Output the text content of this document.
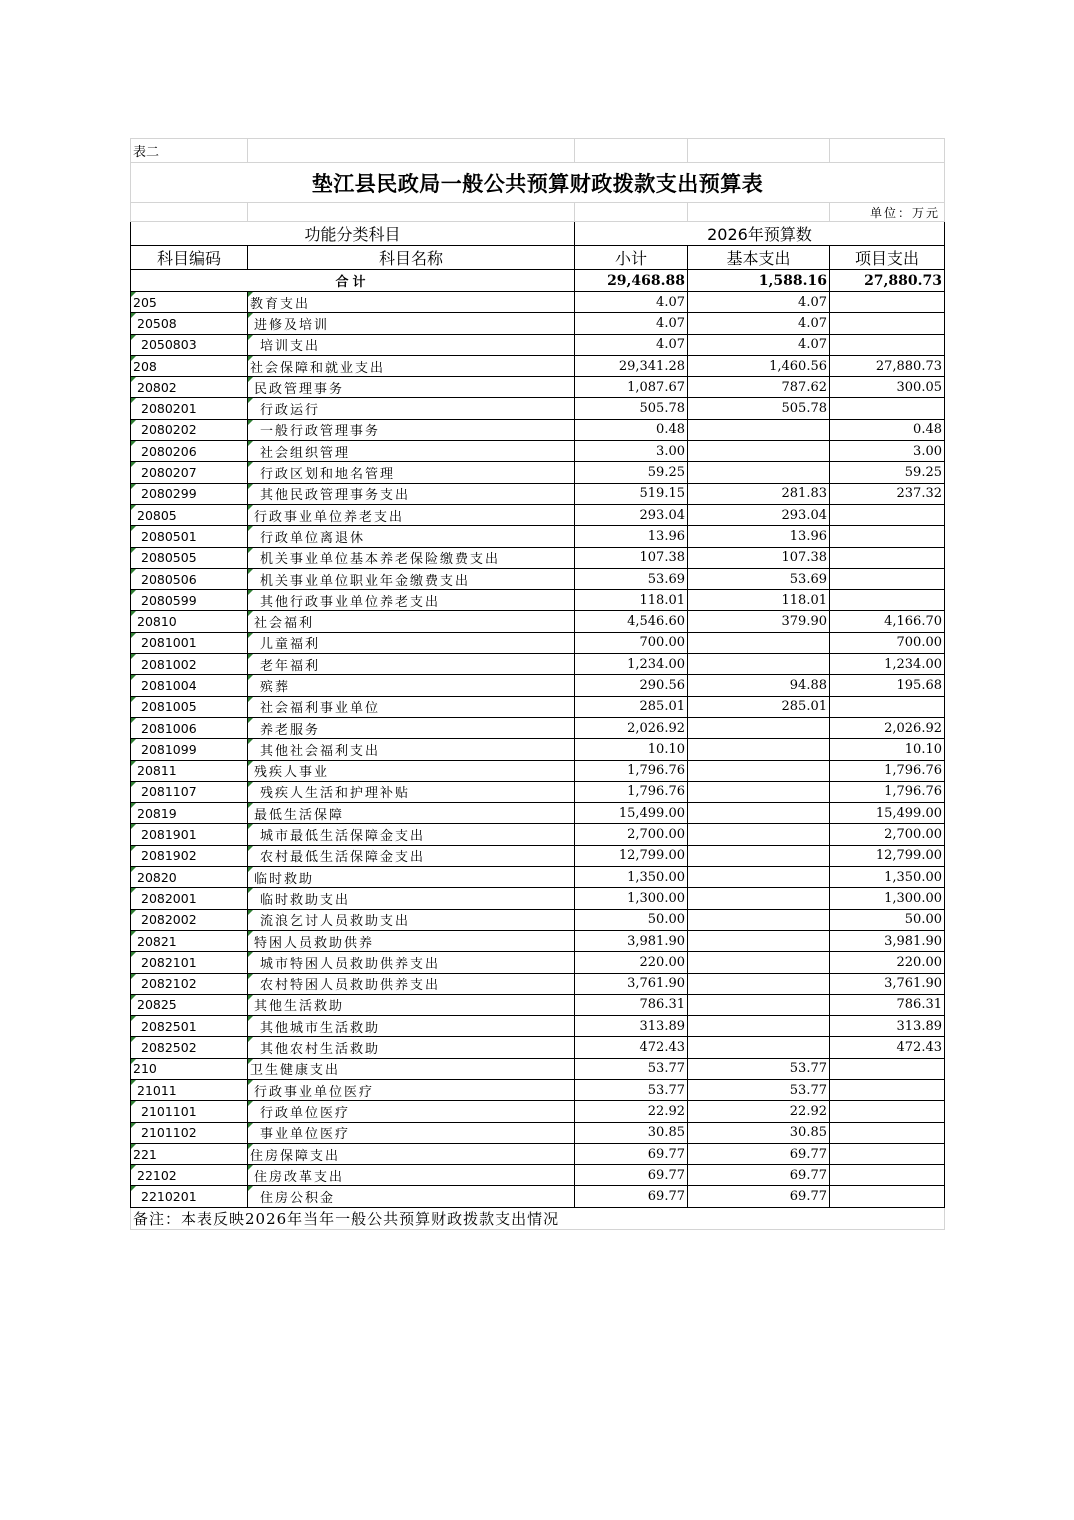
表二				
垫江县民政局一般公共预算财政拨款支出预算表				
				单位：万元
功能分类科目		2026年预算数		
科目编码	科目名称	小计	基本支出	项目支出
合计		29,468.88	1,588.16	27,880.73
205	教育支出	4.07	4.07	
20508	进修及培训	4.07	4.07	
2050803	培训支出	4.07	4.07	
208	社会保障和就业支出	29,341.28	1,460.56	27,880.73
20802	民政管理事务	1,087.67	787.62	300.05
2080201	行政运行	505.78	505.78	
2080202	一般行政管理事务	0.48		0.48
2080206	社会组织管理	3.00		3.00
2080207	行政区划和地名管理	59.25		59.25
2080299	其他民政管理事务支出	519.15	281.83	237.32
20805	行政事业单位养老支出	293.04	293.04	
2080501	行政单位离退休	13.96	13.96	
2080505	机关事业单位基本养老保险缴费支出	107.38	107.38	
2080506	机关事业单位职业年金缴费支出	53.69	53.69	
2080599	其他行政事业单位养老支出	118.01	118.01	
20810	社会福利	4,546.60	379.90	4,166.70
2081001	儿童福利	700.00		700.00
2081002	老年福利	1,234.00		1,234.00
2081004	殡葬	290.56	94.88	195.68
2081005	社会福利事业单位	285.01	285.01	
2081006	养老服务	2,026.92		2,026.92
2081099	其他社会福利支出	10.10		10.10
20811	残疾人事业	1,796.76		1,796.76
2081107	残疾人生活和护理补贴	1,796.76		1,796.76
20819	最低生活保障	15,499.00		15,499.00
2081901	城市最低生活保障金支出	2,700.00		2,700.00
2081902	农村最低生活保障金支出	12,799.00		12,799.00
20820	临时救助	1,350.00		1,350.00
2082001	临时救助支出	1,300.00		1,300.00
2082002	流浪乞讨人员救助支出	50.00		50.00
20821	特困人员救助供养	3,981.90		3,981.90
2082101	城市特困人员救助供养支出	220.00		220.00
2082102	农村特困人员救助供养支出	3,761.90		3,761.90
20825	其他生活救助	786.31		786.31
2082501	其他城市生活救助	313.89		313.89
2082502	其他农村生活救助	472.43		472.43
210	卫生健康支出	53.77	53.77	
21011	行政事业单位医疗	53.77	53.77	
2101101	行政单位医疗	22.92	22.92	
2101102	事业单位医疗	30.85	30.85	
221	住房保障支出	69.77	69.77	
22102	住房改革支出	69.77	69.77	
2210201	住房公积金	69.77	69.77	
备注：本表反映2026年当年一般公共预算财政拨款支出情况				
